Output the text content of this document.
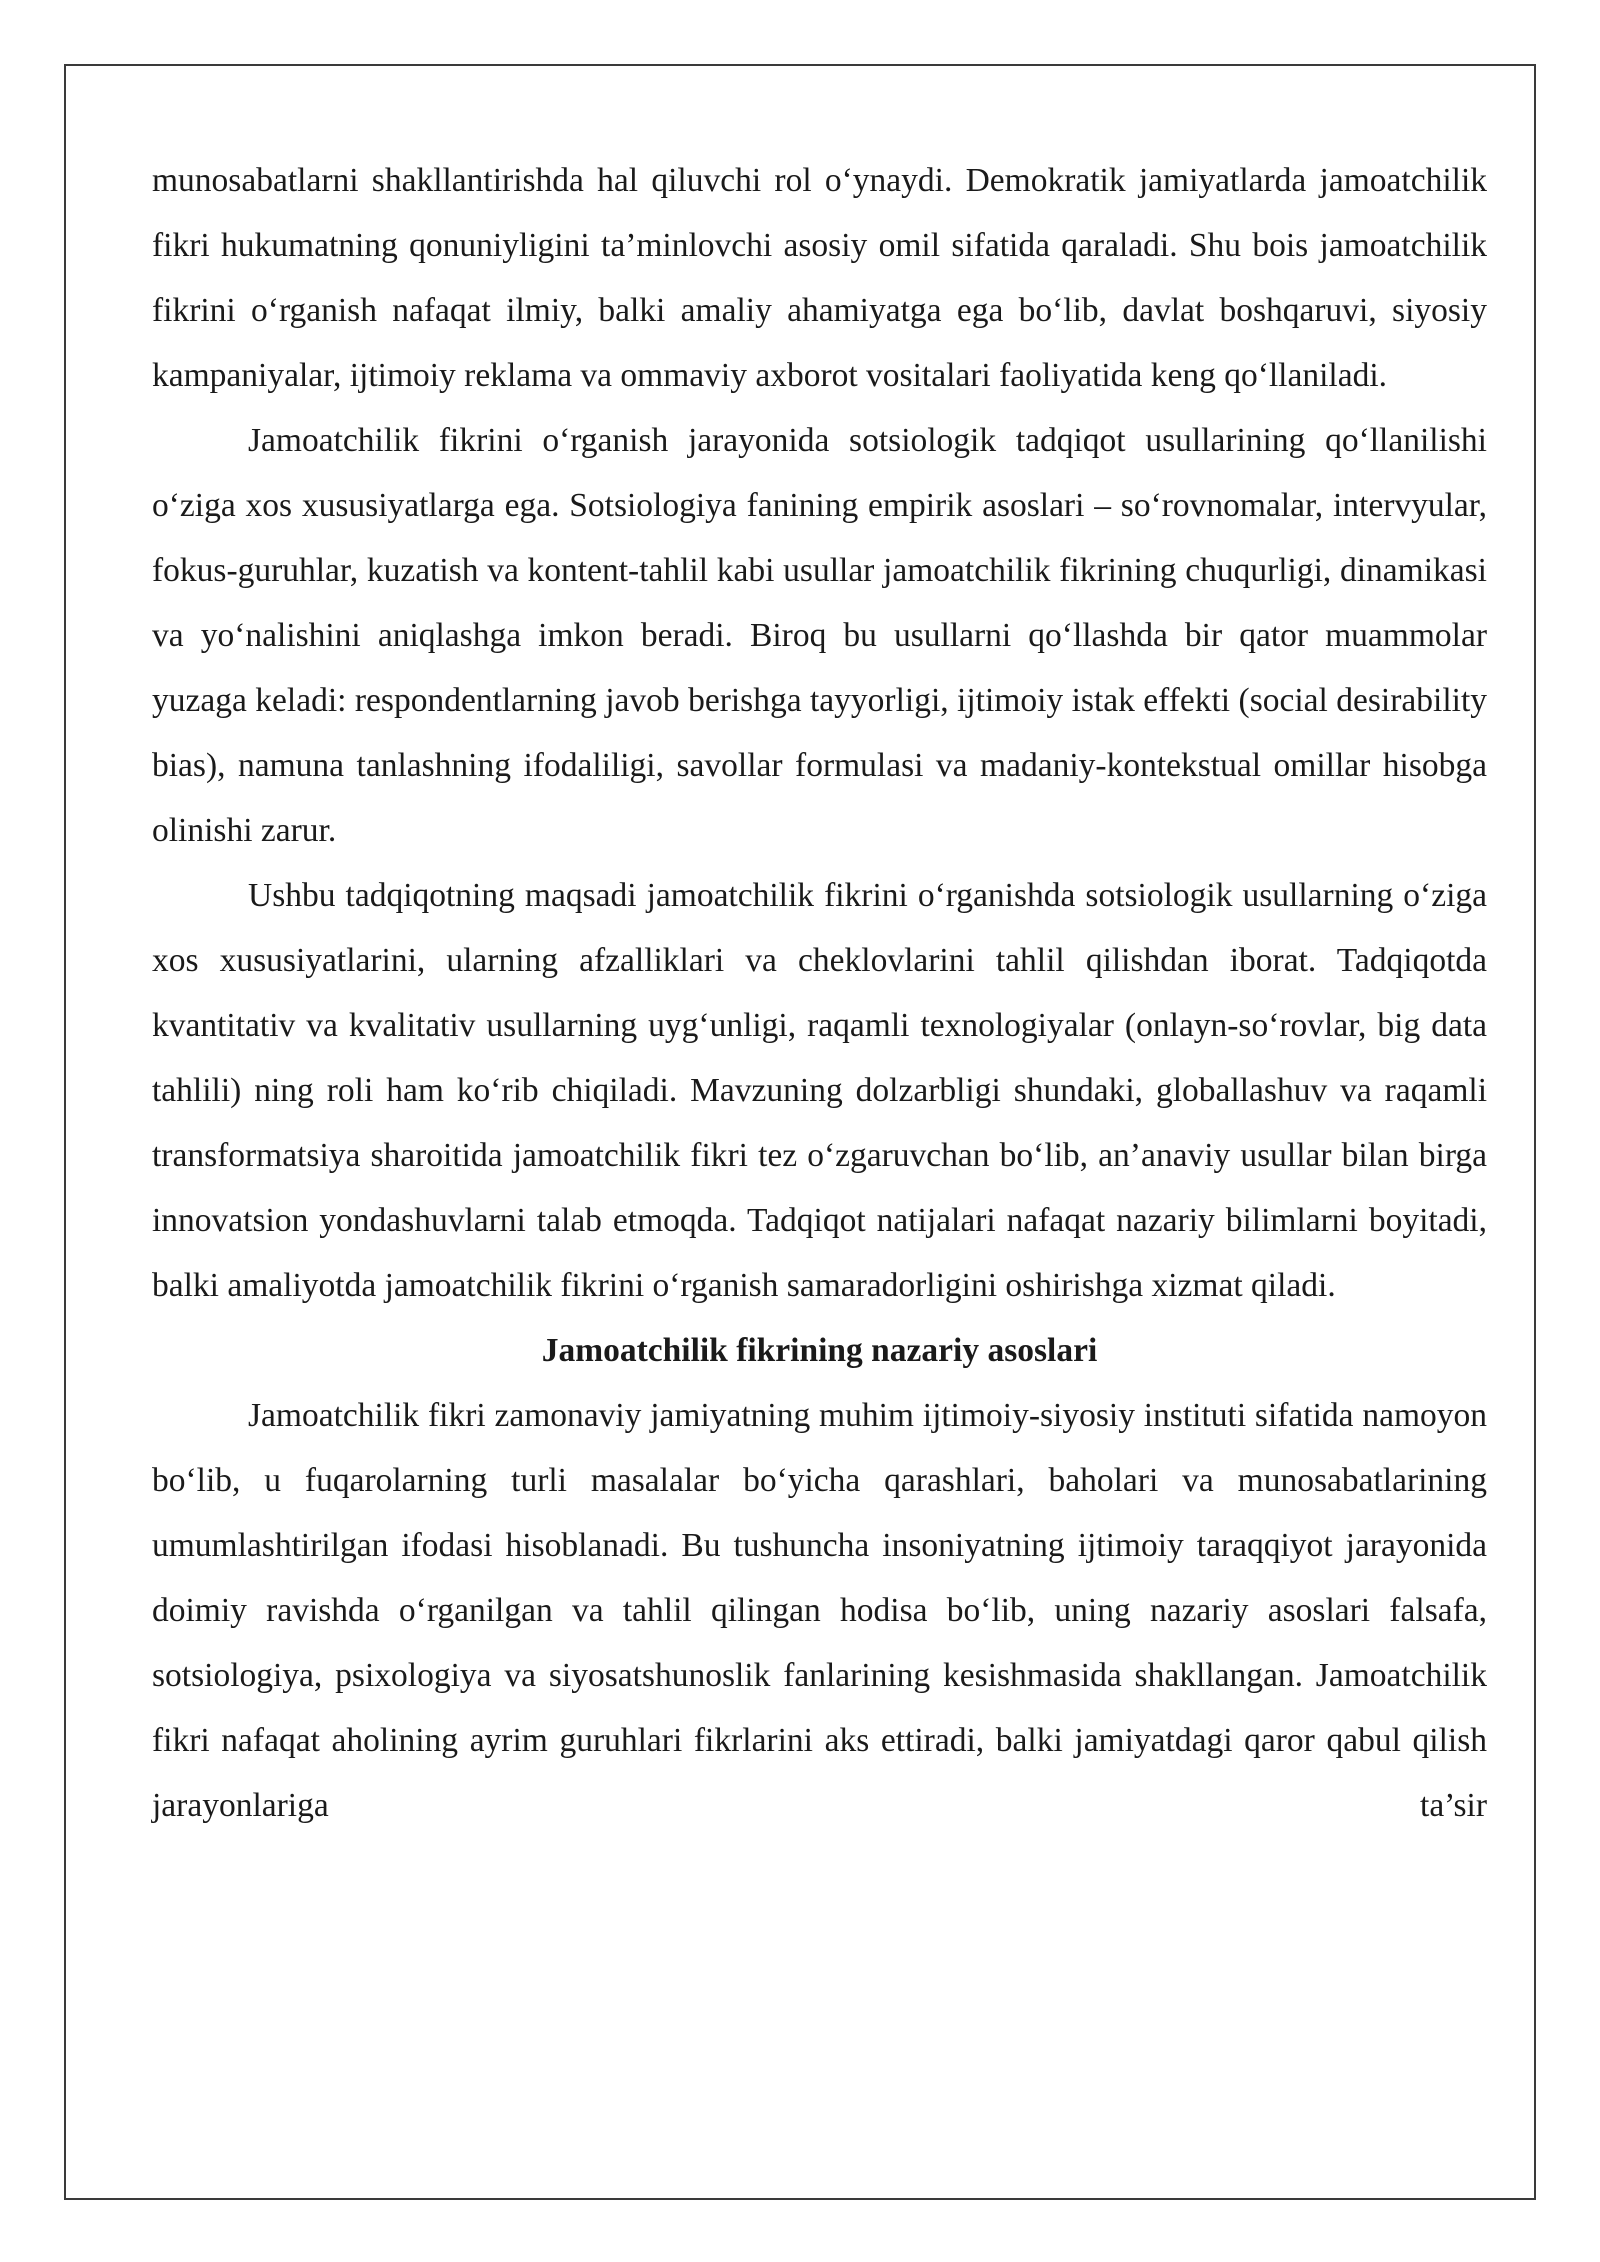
munosabatlarni shakllantirishda hal qiluvchi rol o‘ynaydi. Demokratik jamiyatlarda jamoatchilik fikri hukumatning qonuniyligini ta’minlovchi asosiy omil sifatida qaraladi. Shu bois jamoatchilik fikrini o‘rganish nafaqat ilmiy, balki amaliy ahamiyatga ega bo‘lib, davlat boshqaruvi, siyosiy kampaniyalar, ijtimoiy reklama va ommaviy axborot vositalari faoliyatida keng qo‘llaniladi.

Jamoatchilik fikrini o‘rganish jarayonida sotsiologik tadqiqot usullarining qo‘llanilishi o‘ziga xos xususiyatlarga ega. Sotsiologiya fanining empirik asoslari – so‘rovnomalar, intervyular, fokus-guruhlar, kuzatish va kontent-tahlil kabi usullar jamoatchilik fikrining chuqurligi, dinamikasi va yo‘nalishini aniqlashga imkon beradi. Biroq bu usullarni qo‘llashda bir qator muammolar yuzaga keladi: respondentlarning javob berishga tayyorligi, ijtimoiy istak effekti (social desirability bias), namuna tanlashning ifodaliligi, savollar formulasi va madaniy-kontekstual omillar hisobga olinishi zarur.

Ushbu tadqiqotning maqsadi jamoatchilik fikrini o‘rganishda sotsiologik usullarning o‘ziga xos xususiyatlarini, ularning afzalliklari va cheklovlarini tahlil qilishdan iborat. Tadqiqotda kvantitativ va kvalitativ usullarning uyg‘unligi, raqamli texnologiyalar (onlayn-so‘rovlar, big data tahlili) ning roli ham ko‘rib chiqiladi. Mavzuning dolzarbligi shundaki, globallashuv va raqamli transformatsiya sharoitida jamoatchilik fikri tez o‘zgaruvchan bo‘lib, an’anaviy usullar bilan birga innovatsion yondashuvlarni talab etmoqda. Tadqiqot natijalari nafaqat nazariy bilimlarni boyitadi, balki amaliyotda jamoatchilik fikrini o‘rganish samaradorligini oshirishga xizmat qiladi.

Jamoatchilik fikrining nazariy asoslari

Jamoatchilik fikri zamonaviy jamiyatning muhim ijtimoiy-siyosiy instituti sifatida namoyon bo‘lib, u fuqarolarning turli masalalar bo‘yicha qarashlari, baholari va munosabatlarining umumlashtirilgan ifodasi hisoblanadi. Bu tushuncha insoniyatning ijtimoiy taraqqiyot jarayonida doimiy ravishda o‘rganilgan va tahlil qilingan hodisa bo‘lib, uning nazariy asoslari falsafa, sotsiologiya, psixologiya va siyosatshunoslik fanlarining kesishmasida shakllangan. Jamoatchilik fikri nafaqat aholining ayrim guruhlari fikrlarini aks ettiradi, balki jamiyatdagi qaror qabul qilish jarayonlariga ta’sir
